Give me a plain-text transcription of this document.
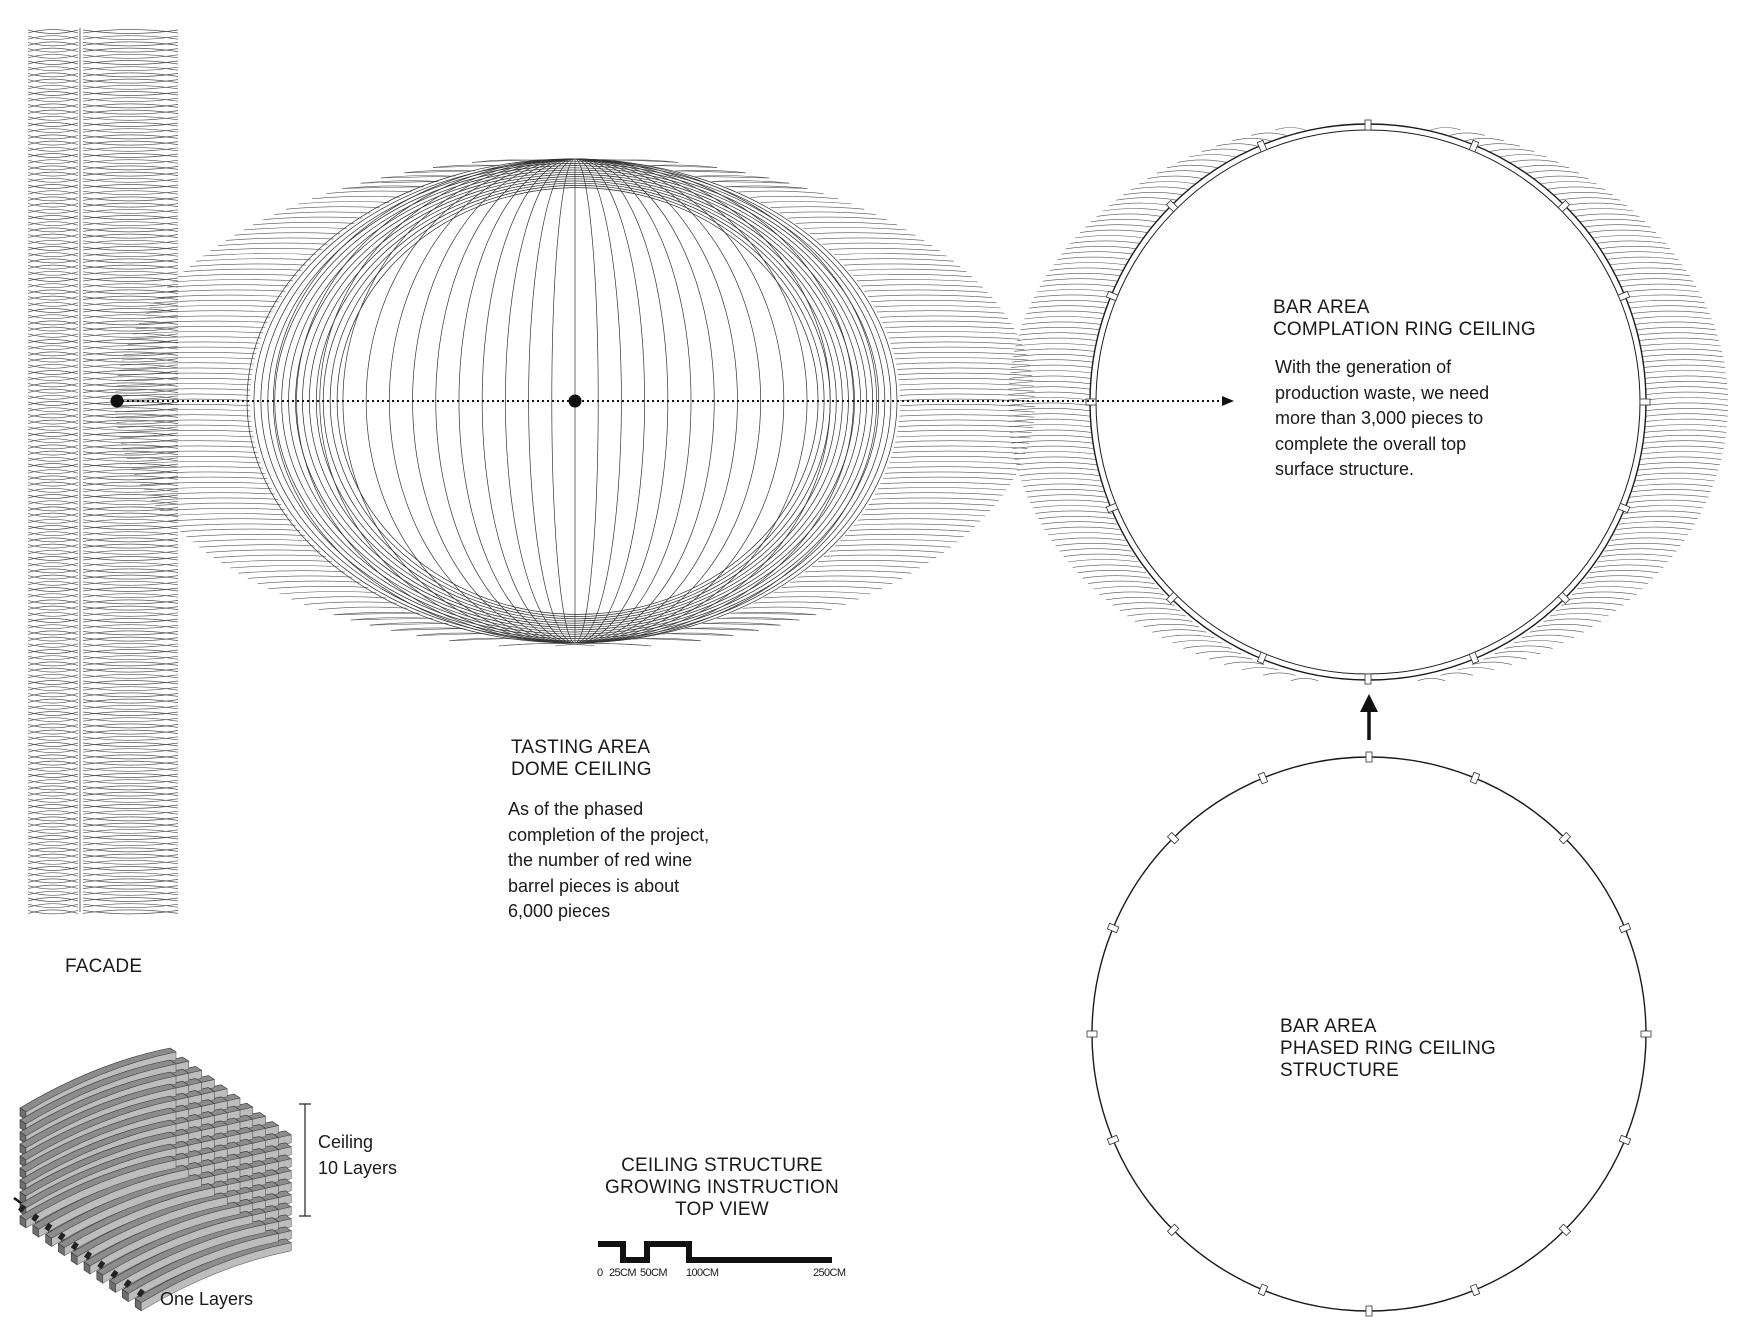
FACADE

TASTING AREA

DOME CEILING

As of the phased

completion of the project,

the number of red wine

barrel pieces is about

6,000 pieces

BAR AREA

COMPLATION RING CEILING

With the generation of

production waste, we need

more than 3,000 pieces to

complete the overall top

surface structure.

BAR AREA

PHASED RING CEILING

STRUCTURE

Ceiling

10 Layers

One Layers

CEILING STRUCTURE

GROWING INSTRUCTION

TOP VIEW

0 25CM 50CM 100CM	250CM
